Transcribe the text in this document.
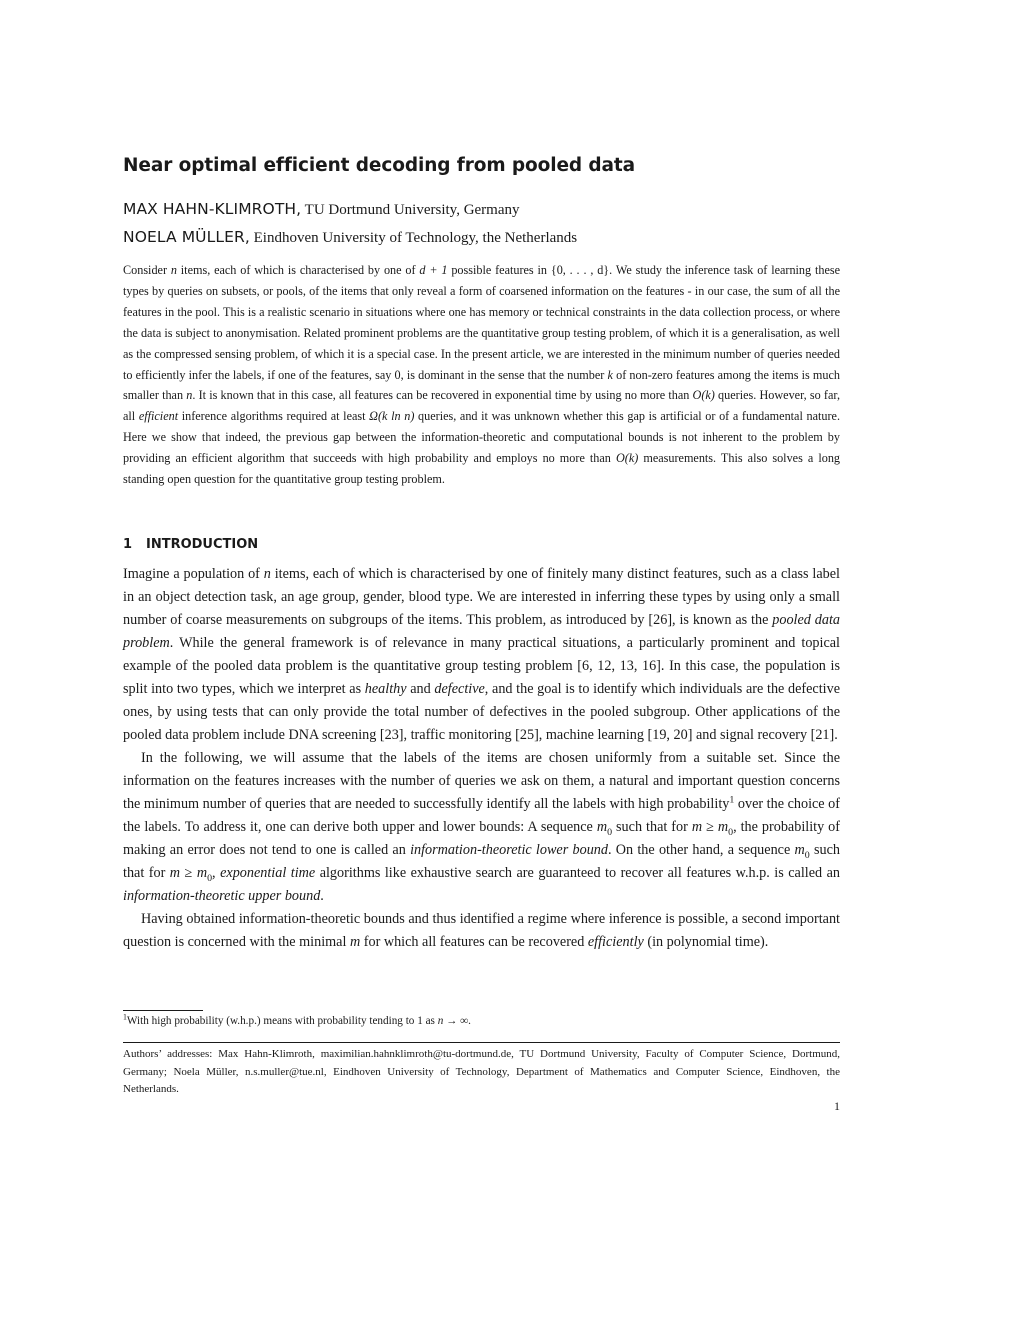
Near optimal efficient decoding from pooled data

MAX HAHN-KLIMROTH, TU Dortmund University, Germany

NOELA MÜLLER, Eindhoven University of Technology, the Netherlands

Consider n items, each of which is characterised by one of d + 1 possible features in {0, . . . , d}. We study the inference task of learning these types by queries on subsets, or pools, of the items that only reveal a form of coarsened information on the features - in our case, the sum of all the features in the pool. This is a realistic scenario in situations where one has memory or technical constraints in the data collection process, or where the data is subject to anonymisation. Related prominent problems are the quantitative group testing problem, of which it is a generalisation, as well as the compressed sensing problem, of which it is a special case. In the present article, we are interested in the minimum number of queries needed to efficiently infer the labels, if one of the features, say 0, is dominant in the sense that the number k of non-zero features among the items is much smaller than n. It is known that in this case, all features can be recovered in exponential time by using no more than O(k) queries. However, so far, all efficient inference algorithms required at least Ω(k ln n) queries, and it was unknown whether this gap is artificial or of a fundamental nature. Here we show that indeed, the previous gap between the information-theoretic and computational bounds is not inherent to the problem by providing an efficient algorithm that succeeds with high probability and employs no more than O(k) measurements. This also solves a long standing open question for the quantitative group testing problem.

1 INTRODUCTION

Imagine a population of n items, each of which is characterised by one of finitely many distinct features, such as a class label in an object detection task, an age group, gender, blood type. We are interested in inferring these types by using only a small number of coarse measurements on subgroups of the items. This problem, as introduced by [26], is known as the pooled data problem. While the general framework is of relevance in many practical situations, a particularly prominent and topical example of the pooled data problem is the quantitative group testing problem [6, 12, 13, 16]. In this case, the population is split into two types, which we interpret as healthy and defective, and the goal is to identify which individuals are the defective ones, by using tests that can only provide the total number of defectives in the pooled subgroup. Other applications of the pooled data problem include DNA screening [23], traffic monitoring [25], machine learning [19, 20] and signal recovery [21].

In the following, we will assume that the labels of the items are chosen uniformly from a suitable set. Since the information on the features increases with the number of queries we ask on them, a natural and important question concerns the minimum number of queries that are needed to successfully identify all the labels with high probability$^1$ over the choice of the labels. To address it, one can derive both upper and lower bounds: A sequence $m_0$ such that for $m \ge m_0$, the probability of making an error does not tend to one is called an information-theoretic lower bound. On the other hand, a sequence $m_0$ such that for $m \ge m_0$, exponential time algorithms like exhaustive search are guaranteed to recover all features w.h.p. is called an information-theoretic upper bound.

Having obtained information-theoretic bounds and thus identified a regime where inference is possible, a second important question is concerned with the minimal m for which all features can be recovered efficiently (in polynomial time).

$^1$With high probability (w.h.p.) means with probability tending to 1 as n → ∞.

Authors’ addresses: Max Hahn-Klimroth, maximilian.hahnklimroth@tu-dortmund.de, TU Dortmund University, Faculty of Computer Science, Dortmund, Germany; Noela Müller, n.s.muller@tue.nl, Eindhoven University of Technology, Department of Mathematics and Computer Science, Eindhoven, the Netherlands.

1
